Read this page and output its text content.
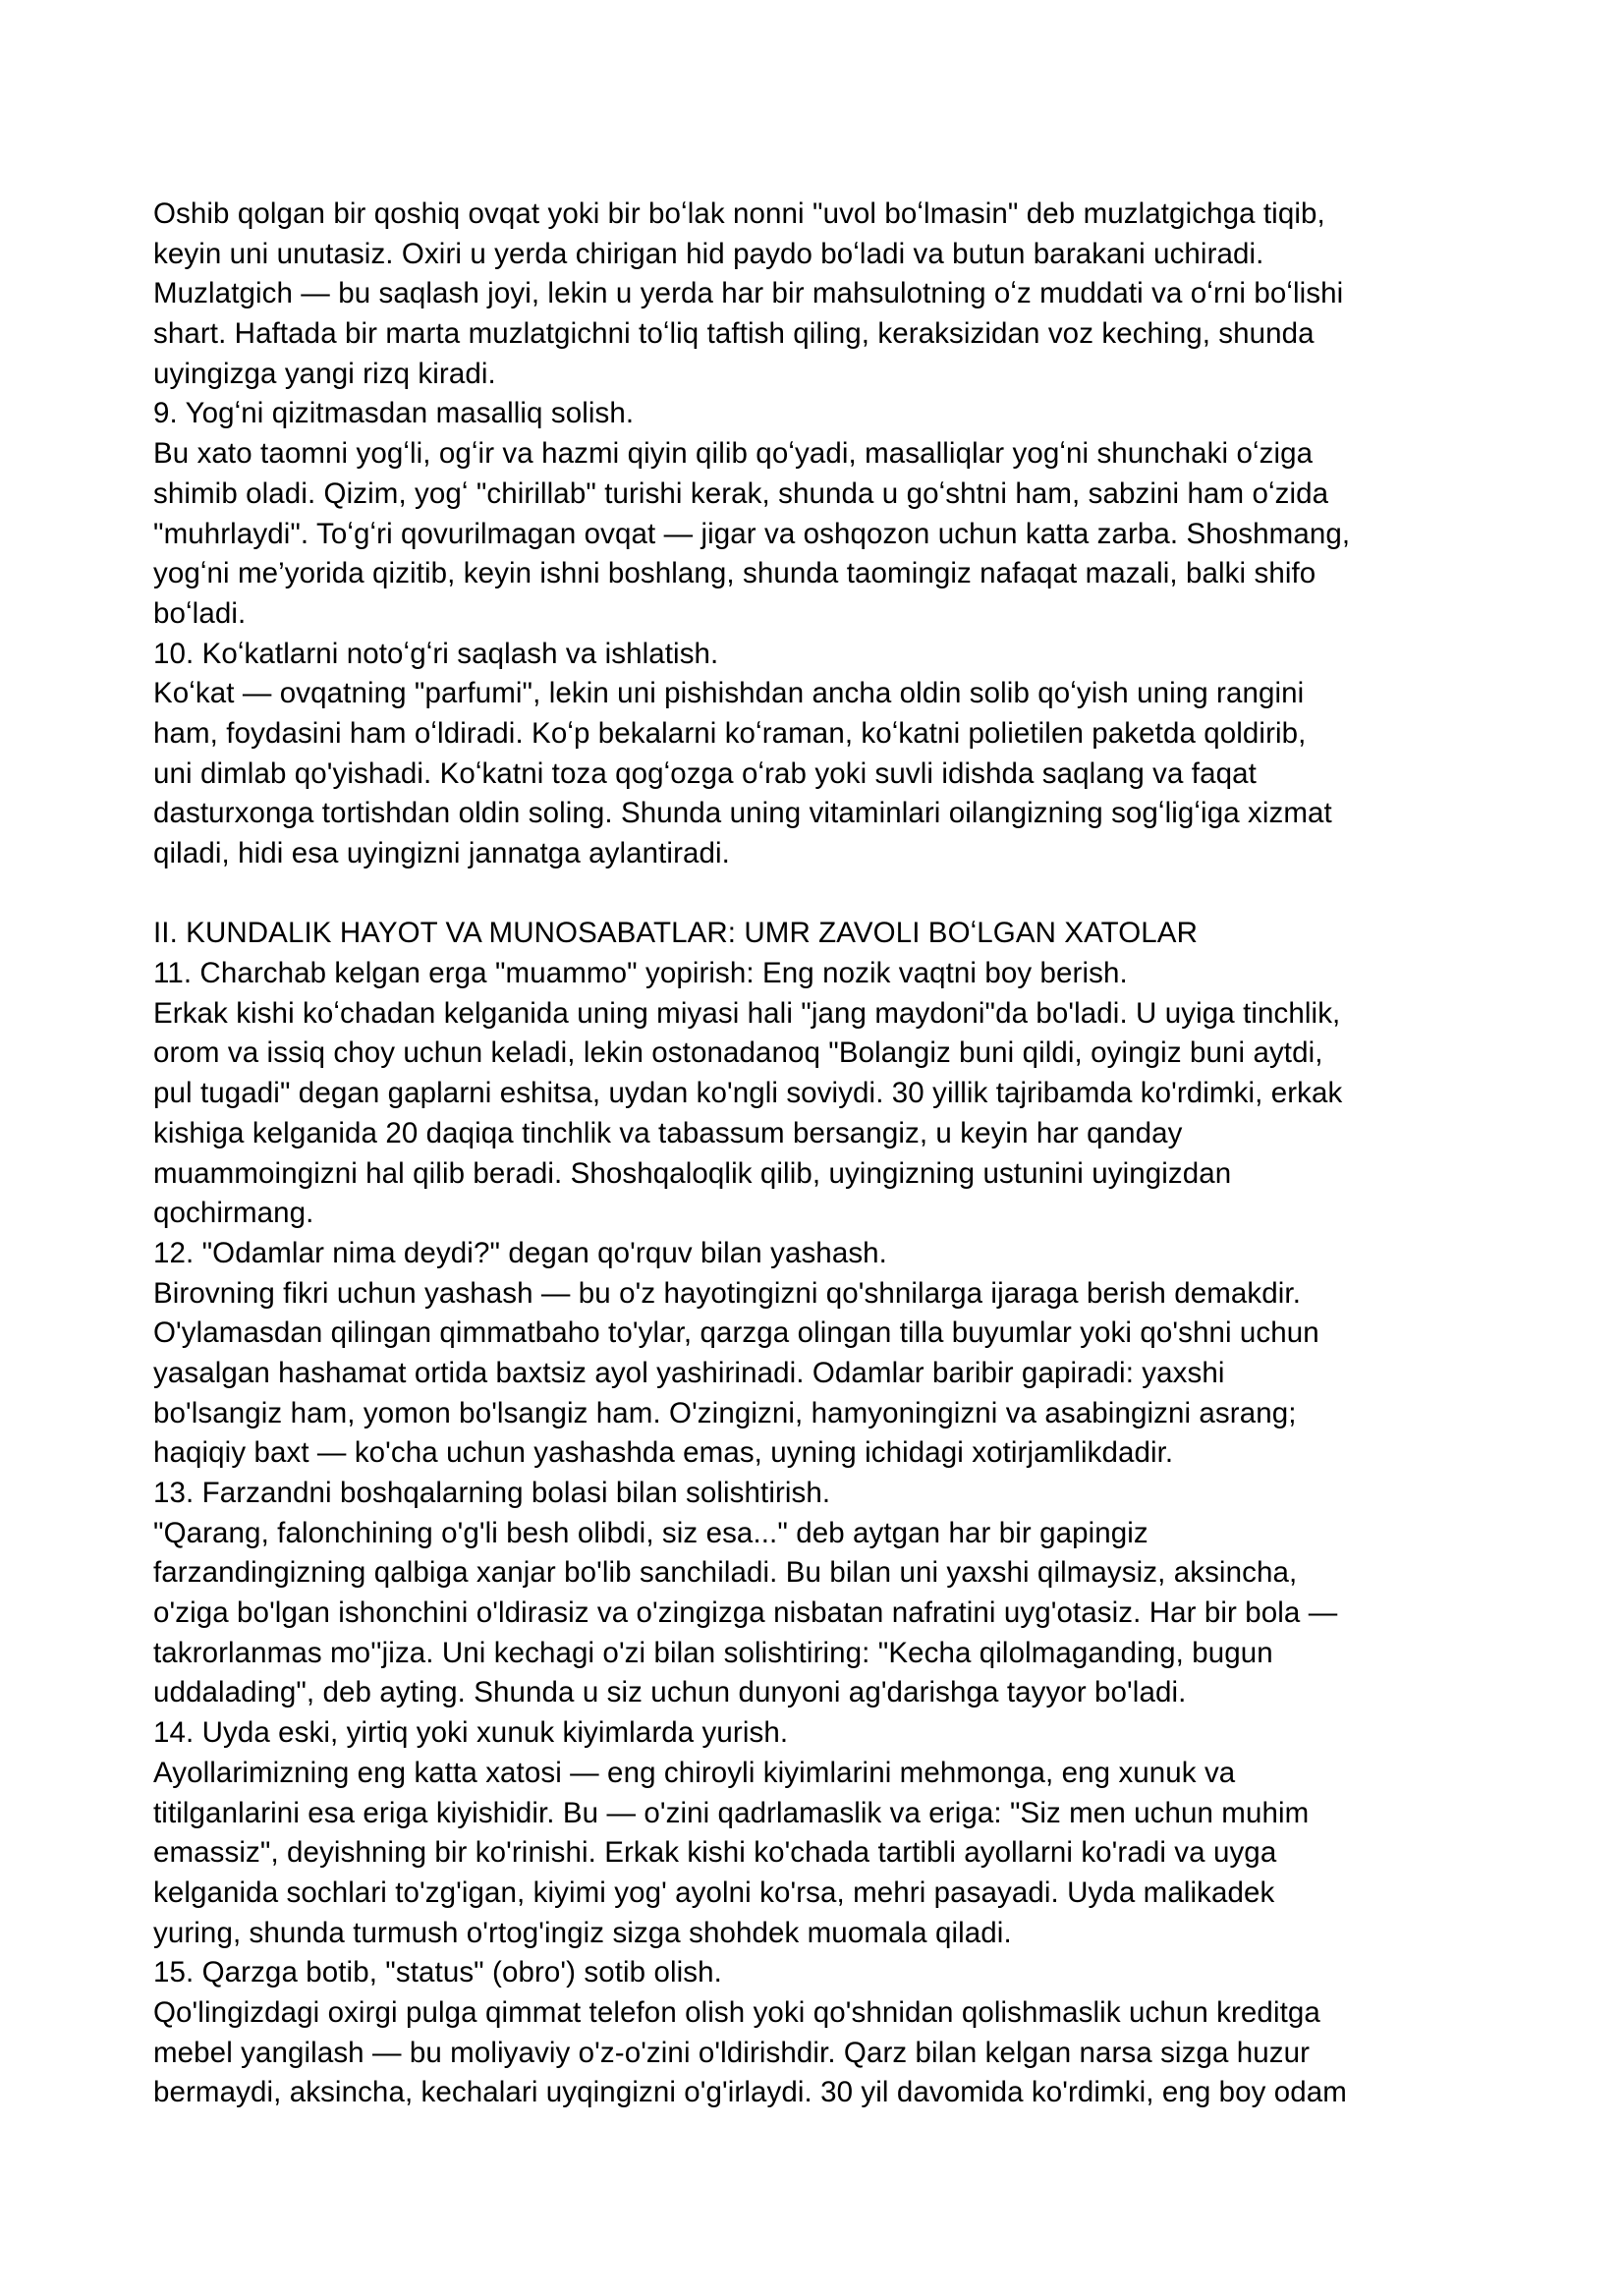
Oshib qolgan bir qoshiq ovqat yoki bir boʻlak nonni "uvol boʻlmasin" deb muzlatgichga tiqib,
keyin uni unutasiz. Oxiri u yerda chirigan hid paydo boʻladi va butun barakani uchiradi.
Muzlatgich — bu saqlash joyi, lekin u yerda har bir mahsulotning oʻz muddati va oʻrni boʻlishi
shart. Haftada bir marta muzlatgichni toʻliq taftish qiling, keraksizidan voz keching, shunda
uyingizga yangi rizq kiradi.
9. Yogʻni qizitmasdan masalliq solish.
Bu xato taomni yogʻli, ogʻir va hazmi qiyin qilib qoʻyadi, masalliqlar yogʻni shunchaki oʻziga
shimib oladi. Qizim, yogʻ "chirillab" turishi kerak, shunda u goʻshtni ham, sabzini ham oʻzida
"muhrlaydi". Toʻgʻri qovurilmagan ovqat — jigar va oshqozon uchun katta zarba. Shoshmang,
yogʻni me’yorida qizitib, keyin ishni boshlang, shunda taomingiz nafaqat mazali, balki shifo
boʻladi.
10. Koʻkatlarni notoʻgʻri saqlash va ishlatish.
Koʻkat — ovqatning "parfumi", lekin uni pishishdan ancha oldin solib qoʻyish uning rangini
ham, foydasini ham oʻldiradi. Koʻp bekalarni koʻraman, koʻkatni polietilen paketda qoldirib,
uni dimlab qo'yishadi. Koʻkatni toza qogʻozga oʻrab yoki suvli idishda saqlang va faqat
dasturxonga tortishdan oldin soling. Shunda uning vitaminlari oilangizning sogʻligʻiga xizmat
qiladi, hidi esa uyingizni jannatga aylantiradi.

II. KUNDALIK HAYOT VA MUNOSABATLAR: UMR ZAVOLI BOʻLGAN XATOLAR
11. Charchab kelgan erga "muammo" yopirish: Eng nozik vaqtni boy berish.
Erkak kishi koʻchadan kelganida uning miyasi hali "jang maydoni"da bo'ladi. U uyiga tinchlik,
orom va issiq choy uchun keladi, lekin ostonadanoq "Bolangiz buni qildi, oyingiz buni aytdi,
pul tugadi" degan gaplarni eshitsa, uydan ko'ngli soviydi. 30 yillik tajribamda ko'rdimki, erkak
kishiga kelganida 20 daqiqa tinchlik va tabassum bersangiz, u keyin har qanday
muammoingizni hal qilib beradi. Shoshqaloqlik qilib, uyingizning ustunini uyingizdan
qochirmang.
12. "Odamlar nima deydi?" degan qo'rquv bilan yashash.
Birovning fikri uchun yashash — bu o'z hayotingizni qo'shnilarga ijaraga berish demakdir.
O'ylamasdan qilingan qimmatbaho to'ylar, qarzga olingan tilla buyumlar yoki qo'shni uchun
yasalgan hashamat ortida baxtsiz ayol yashirinadi. Odamlar baribir gapiradi: yaxshi
bo'lsangiz ham, yomon bo'lsangiz ham. O'zingizni, hamyoningizni va asabingizni asrang;
haqiqiy baxt — ko'cha uchun yashashda emas, uyning ichidagi xotirjamlikdadir.
13. Farzandni boshqalarning bolasi bilan solishtirish.
"Qarang, falonchining o'g'li besh olibdi, siz esa..." deb aytgan har bir gapingiz
farzandingizning qalbiga xanjar bo'lib sanchiladi. Bu bilan uni yaxshi qilmaysiz, aksincha,
o'ziga bo'lgan ishonchini o'ldirasiz va o'zingizga nisbatan nafratini uyg'otasiz. Har bir bola —
takrorlanmas mo''jiza. Uni kechagi o'zi bilan solishtiring: "Kecha qilolmaganding, bugun
uddalading", deb ayting. Shunda u siz uchun dunyoni ag'darishga tayyor bo'ladi.
14. Uyda eski, yirtiq yoki xunuk kiyimlarda yurish.
Ayollarimizning eng katta xatosi — eng chiroyli kiyimlarini mehmonga, eng xunuk va
titilganlarini esa eriga kiyishidir. Bu — o'zini qadrlamaslik va eriga: "Siz men uchun muhim
emassiz", deyishning bir ko'rinishi. Erkak kishi ko'chada tartibli ayollarni ko'radi va uyga
kelganida sochlari to'zg'igan, kiyimi yog' ayolni ko'rsa, mehri pasayadi. Uyda malikadek
yuring, shunda turmush o'rtog'ingiz sizga shohdek muomala qiladi.
15. Qarzga botib, "status" (obro') sotib olish.
Qo'lingizdagi oxirgi pulga qimmat telefon olish yoki qo'shnidan qolishmaslik uchun kreditga
mebel yangilash — bu moliyaviy o'z-o'zini o'ldirishdir. Qarz bilan kelgan narsa sizga huzur
bermaydi, aksincha, kechalari uyqingizni o'g'irlaydi. 30 yil davomida ko'rdimki, eng boy odam
